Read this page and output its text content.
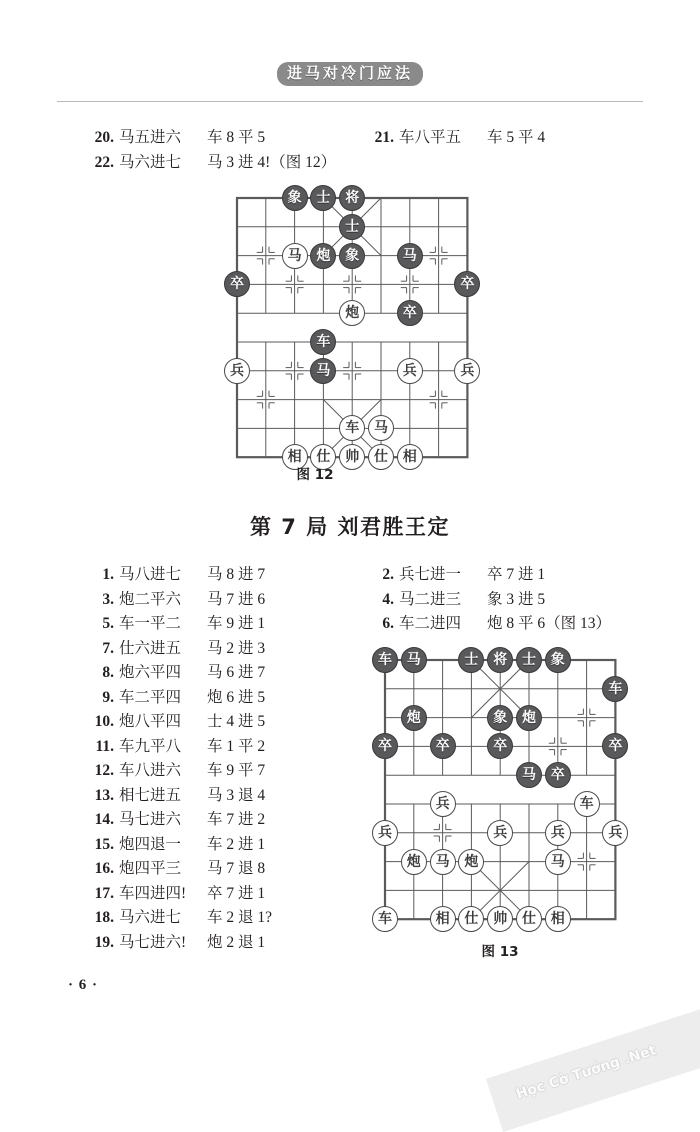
进马对冷门应法
20. 马五进六 车 8 平 5
22. 马六进七 马 3 进 4!（图 12）
21. 车八平五 车 5 平 4
象	士	将
士
马	炮	象	马
卒	卒
炮	卒
车
兵	马	兵	兵
车	马
相	仕	帅	仕	相
图 12
第 7 局 刘君胜王定
2. 兵七进一 卒 7 进 1
4. 马二进三 象 3 进 5
6. 车二进四 炮 8 平 6（图 13）
1. 马八进七 马 8 进 7
3. 炮二平六 马 7 进 6
5. 车一平二 车 9 进 1
7. 仕六进五 马 2 进 3
8. 炮六平四 马 6 进 7
9. 车二平四 炮 6 进 5
10. 炮八平四 士 4 进 5
11. 车九平八 车 1 平 2
12. 车八进六 车 9 平 7
13. 相七进五 马 3 退 4
14. 马七进六 车 7 进 2
15. 炮四退一 车 2 进 1
16. 炮四平三 马 7 退 8
17. 车四进四! 卒 7 进 1
18. 马六进七 车 2 退 1?
19. 马七进六! 炮 2 退 1
车	马	士	将	士	象
车
炮	象	炮
卒	卒	卒	卒
马	卒
兵	车
兵	兵	兵	兵
炮	马	炮	马
车	相	仕	帅	仕	相
图 13
· 6 ·
Học Cờ Tướng .Net
